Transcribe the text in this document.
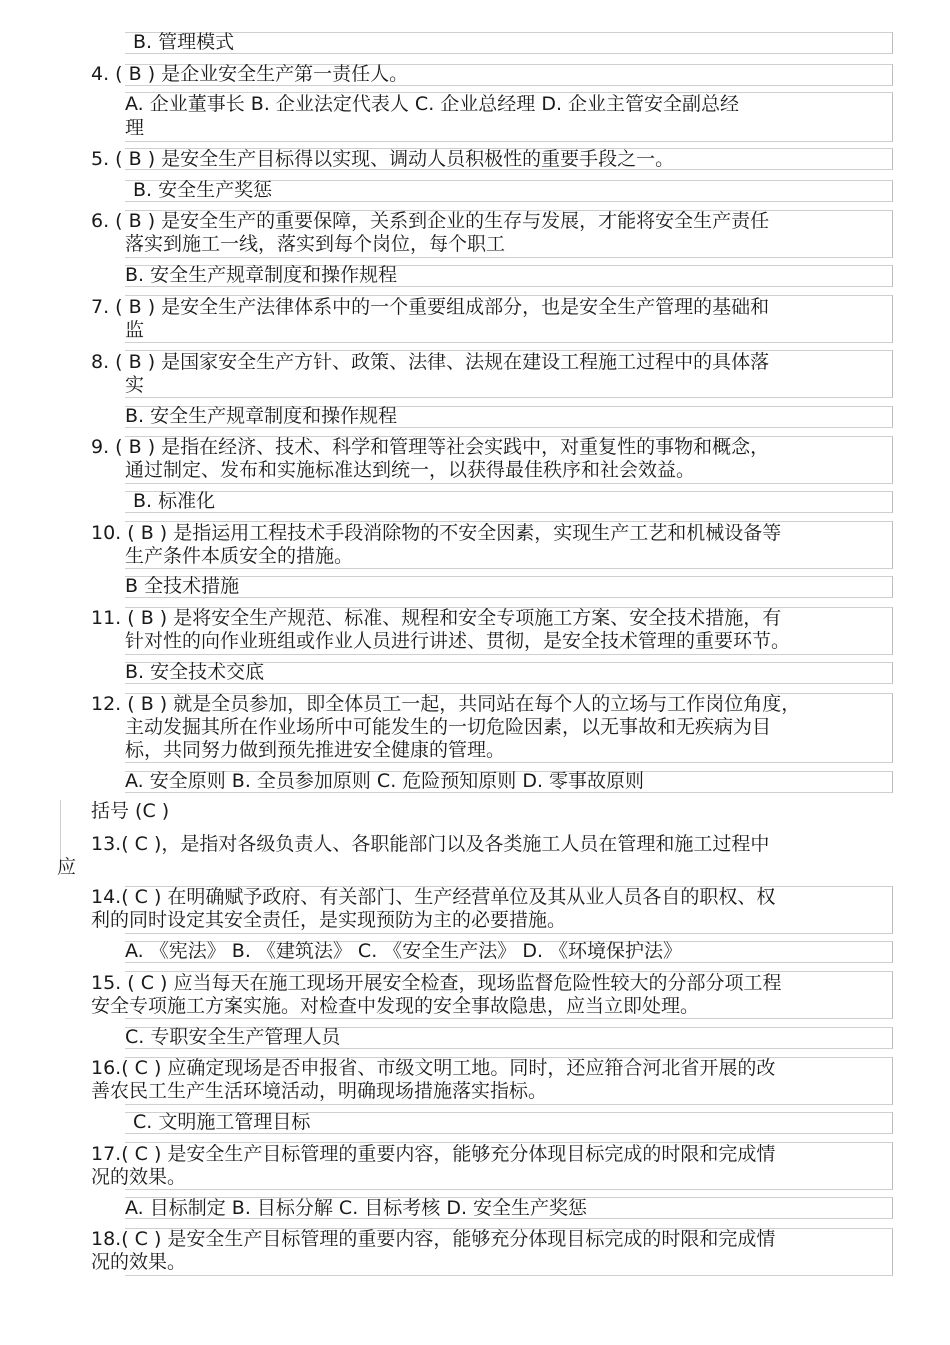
B. 管理模式
4. ( B ) 是企业安全生产第一责任人。
A. 企业董事长 B. 企业法定代表人 C. 企业总经理 D. 企业主管安全副总经
理
5. ( B ) 是安全生产目标得以实现、调动人员积极性的重要手段之一。
B. 安全生产奖惩
6. ( B ) 是安全生产的重要保障，关系到企业的生存与发展，才能将安全生产责任
落实到施工一线，落实到每个岗位，每个职工
B. 安全生产规章制度和操作规程
7. ( B ) 是安全生产法律体系中的一个重要组成部分，也是安全生产管理的基础和
监
8. ( B ) 是国家安全生产方针、政策、法律、法规在建设工程施工过程中的具体落
实
B. 安全生产规章制度和操作规程
9. ( B ) 是指在经济、技术、科学和管理等社会实践中，对重复性的事物和概念，
通过制定、发布和实施标准达到统一，以获得最佳秩序和社会效益。
B. 标准化
10. ( B ) 是指运用工程技术手段消除物的不安全因素，实现生产工艺和机械设备等
生产条件本质安全的措施。
B 全技术措施
11. ( B ) 是将安全生产规范、标准、规程和安全专项施工方案、安全技术措施，有
针对性的向作业班组或作业人员进行讲述、贯彻，是安全技术管理的重要环节。
B. 安全技术交底
12. ( B ) 就是全员参加，即全体员工一起，共同站在每个人的立场与工作岗位角度，
主动发掘其所在作业场所中可能发生的一切危险因素，以无事故和无疾病为目
标，共同努力做到预先推进安全健康的管理。
A. 安全原则 B. 全员参加原则 C. 危险预知原则 D. 零事故原则
括号 (C )
13.( C )，是指对各级负责人、各职能部门以及各类施工人员在管理和施工过程中
应
14.( C ) 在明确赋予政府、有关部门、生产经营单位及其从业人员各自的职权、权
利的同时设定其安全责任，是实现预防为主的必要措施。
A. 《宪法》 B. 《建筑法》 C. 《安全生产法》 D. 《环境保护法》
15. ( C ) 应当每天在施工现场开展安全检查，现场监督危险性较大的分部分项工程
安全专项施工方案实施。对检查中发现的安全事故隐患，应当立即处理。
C. 专职安全生产管理人员
16.( C ) 应确定现场是否申报省、市级文明工地。同时，还应箝合河北省开展的改
善农民工生产生活环境活动，明确现场措施落实指标。
C. 文明施工管理目标
17.( C ) 是安全生产目标管理的重要内容，能够充分体现目标完成的时限和完成情
况的效果。
A. 目标制定 B. 目标分解 C. 目标考核 D. 安全生产奖惩
18.( C ) 是安全生产目标管理的重要内容，能够充分体现目标完成的时限和完成情
况的效果。
